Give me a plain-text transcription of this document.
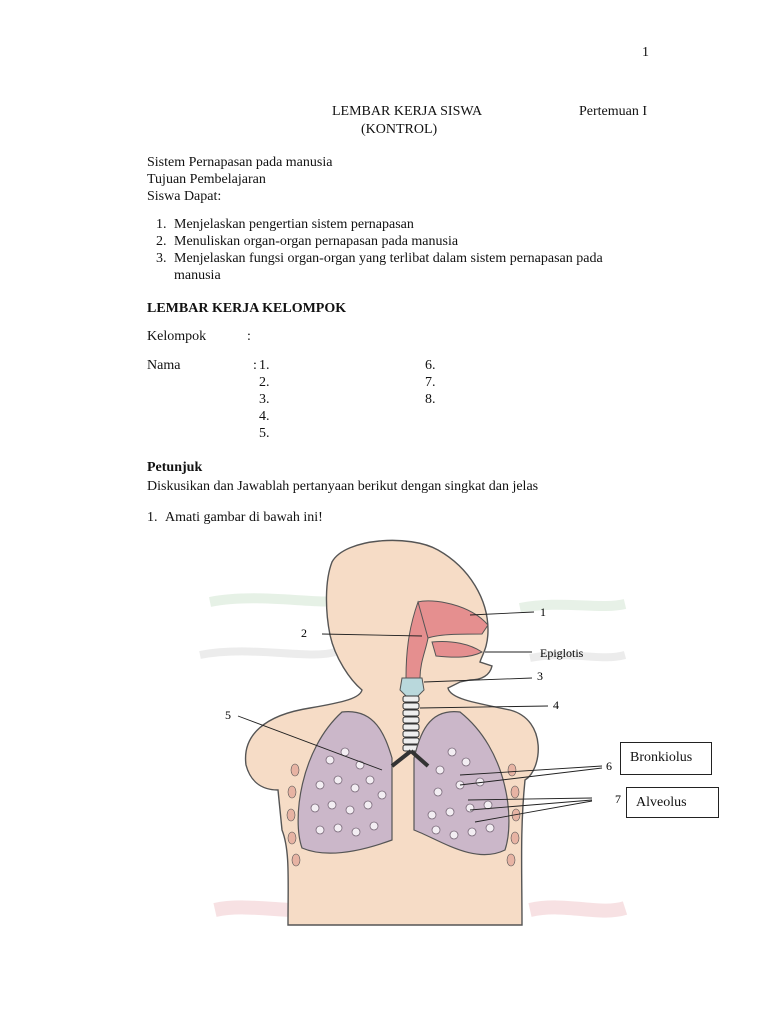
1
LEMBAR KERJA SISWA	Pertemuan I
(KONTROL)
Sistem Pernapasan pada manusia
Tujuan Pembelajaran
Siswa Dapat:
1. Menjelaskan pengertian sistem pernapasan
2. Menuliskan organ-organ pernapasan pada manusia
3. Menjelaskan fungsi organ-organ yang terlibat dalam sistem pernapasan pada
manusia
LEMBAR KERJA KELOMPOK
Kelompok	:
Nama	: 1.
2.
3.
4.
5.
6.
7.
8.
Petunjuk
Diskusikan dan Jawablah pertanyaan berikut dengan singkat dan jelas
1. Amati gambar di bawah ini!
1
2
Epiglotis
3
4
5
6
7
Bronkiolus
Alveolus
